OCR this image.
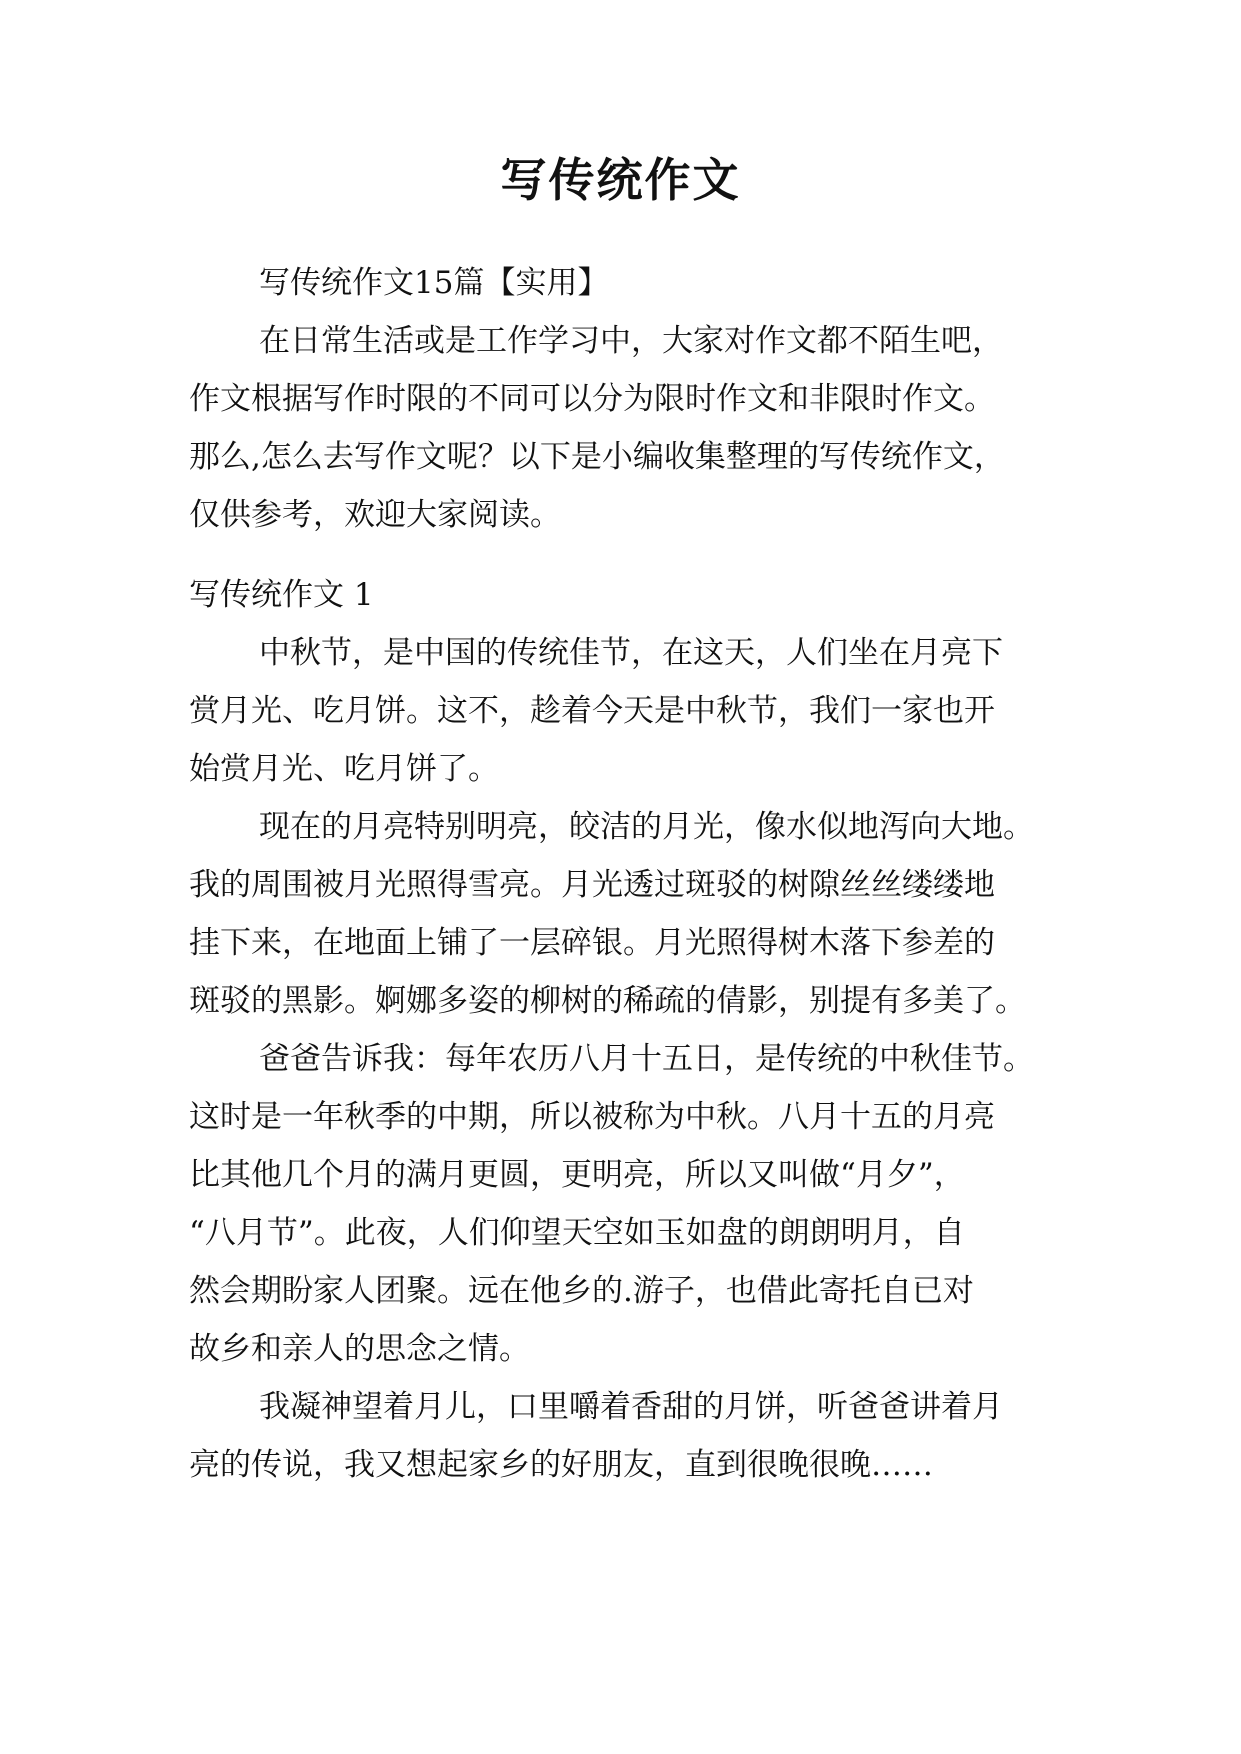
写传统作文
写传统作文15篇【实用】
在日常生活或是工作学习中，大家对作文都不陌生吧，
作文根据写作时限的不同可以分为限时作文和非限时作文。
那么,怎么去写作文呢？以下是小编收集整理的写传统作文，
仅供参考，欢迎大家阅读。
写传统作文 1
中秋节，是中国的传统佳节，在这天，人们坐在月亮下
赏月光、吃月饼。这不，趁着今天是中秋节，我们一家也开
始赏月光、吃月饼了。
现在的月亮特别明亮，皎洁的月光，像水似地泻向大地。
我的周围被月光照得雪亮。月光透过斑驳的树隙丝丝缕缕地
挂下来，在地面上铺了一层碎银。月光照得树木落下参差的
斑驳的黑影。婀娜多姿的柳树的稀疏的倩影，别提有多美了。
爸爸告诉我：每年农历八月十五日，是传统的中秋佳节。
这时是一年秋季的中期，所以被称为中秋。八月十五的月亮
比其他几个月的满月更圆，更明亮，所以又叫做“月夕”，
“八月节”。此夜，人们仰望天空如玉如盘的朗朗明月，自
然会期盼家人团聚。远在他乡的.游子，也借此寄托自已对
故乡和亲人的思念之情。
我凝神望着月儿，口里嚼着香甜的月饼，听爸爸讲着月
亮的传说，我又想起家乡的好朋友，直到很晚很晚……
